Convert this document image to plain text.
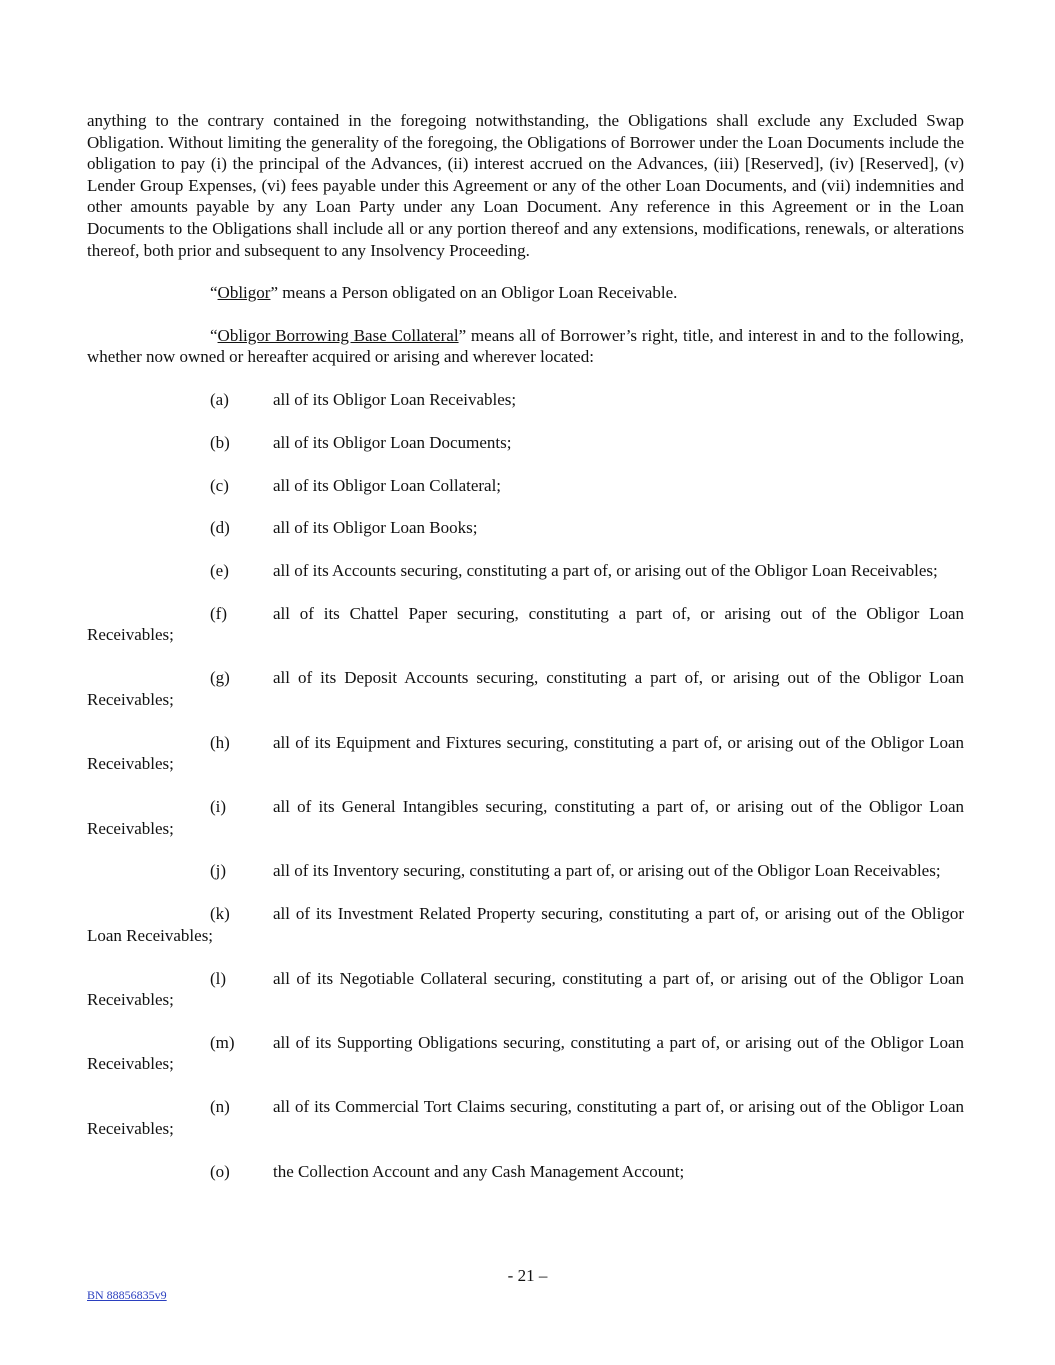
anything to the contrary contained in the foregoing notwithstanding, the Obligations shall exclude any Excluded Swap Obligation. Without limiting the generality of the foregoing, the Obligations of Borrower under the Loan Documents include the obligation to pay (i) the principal of the Advances, (ii) interest accrued on the Advances, (iii) [Reserved], (iv) [Reserved], (v) Lender Group Expenses, (vi) fees payable under this Agreement or any of the other Loan Documents, and (vii) indemnities and other amounts payable by any Loan Party under any Loan Document. Any reference in this Agreement or in the Loan Documents to the Obligations shall include all or any portion thereof and any extensions, modifications, renewals, or alterations thereof, both prior and subsequent to any Insolvency Proceeding.

“Obligor” means a Person obligated on an Obligor Loan Receivable.

“Obligor Borrowing Base Collateral” means all of Borrower’s right, title, and interest in and to the following, whether now owned or hereafter acquired or arising and wherever located:

(a)	all of its Obligor Loan Receivables;
(b)	all of its Obligor Loan Documents;
(c)	all of its Obligor Loan Collateral;
(d)	all of its Obligor Loan Books;
(e)	all of its Accounts securing, constituting a part of, or arising out of the Obligor Loan Receivables;
(f)	all of its Chattel Paper securing, constituting a part of, or arising out of the Obligor Loan Receivables;
(g)	all of its Deposit Accounts securing, constituting a part of, or arising out of the Obligor Loan Receivables;
(h)	all of its Equipment and Fixtures securing, constituting a part of, or arising out of the Obligor Loan Receivables;
(i)	all of its General Intangibles securing, constituting a part of, or arising out of the Obligor Loan Receivables;
(j)	all of its Inventory securing, constituting a part of, or arising out of the Obligor Loan Receivables;
(k)	all of its Investment Related Property securing, constituting a part of, or arising out of the Obligor Loan Receivables;
(l)	all of its Negotiable Collateral securing, constituting a part of, or arising out of the Obligor Loan Receivables;
(m) all of its Supporting Obligations securing, constituting a part of, or arising out of the Obligor Loan Receivables;
(n)	all of its Commercial Tort Claims securing, constituting a part of, or arising out of the Obligor Loan Receivables;
(o)	the Collection Account and any Cash Management Account;
- 21 –
BN 88856835v9
